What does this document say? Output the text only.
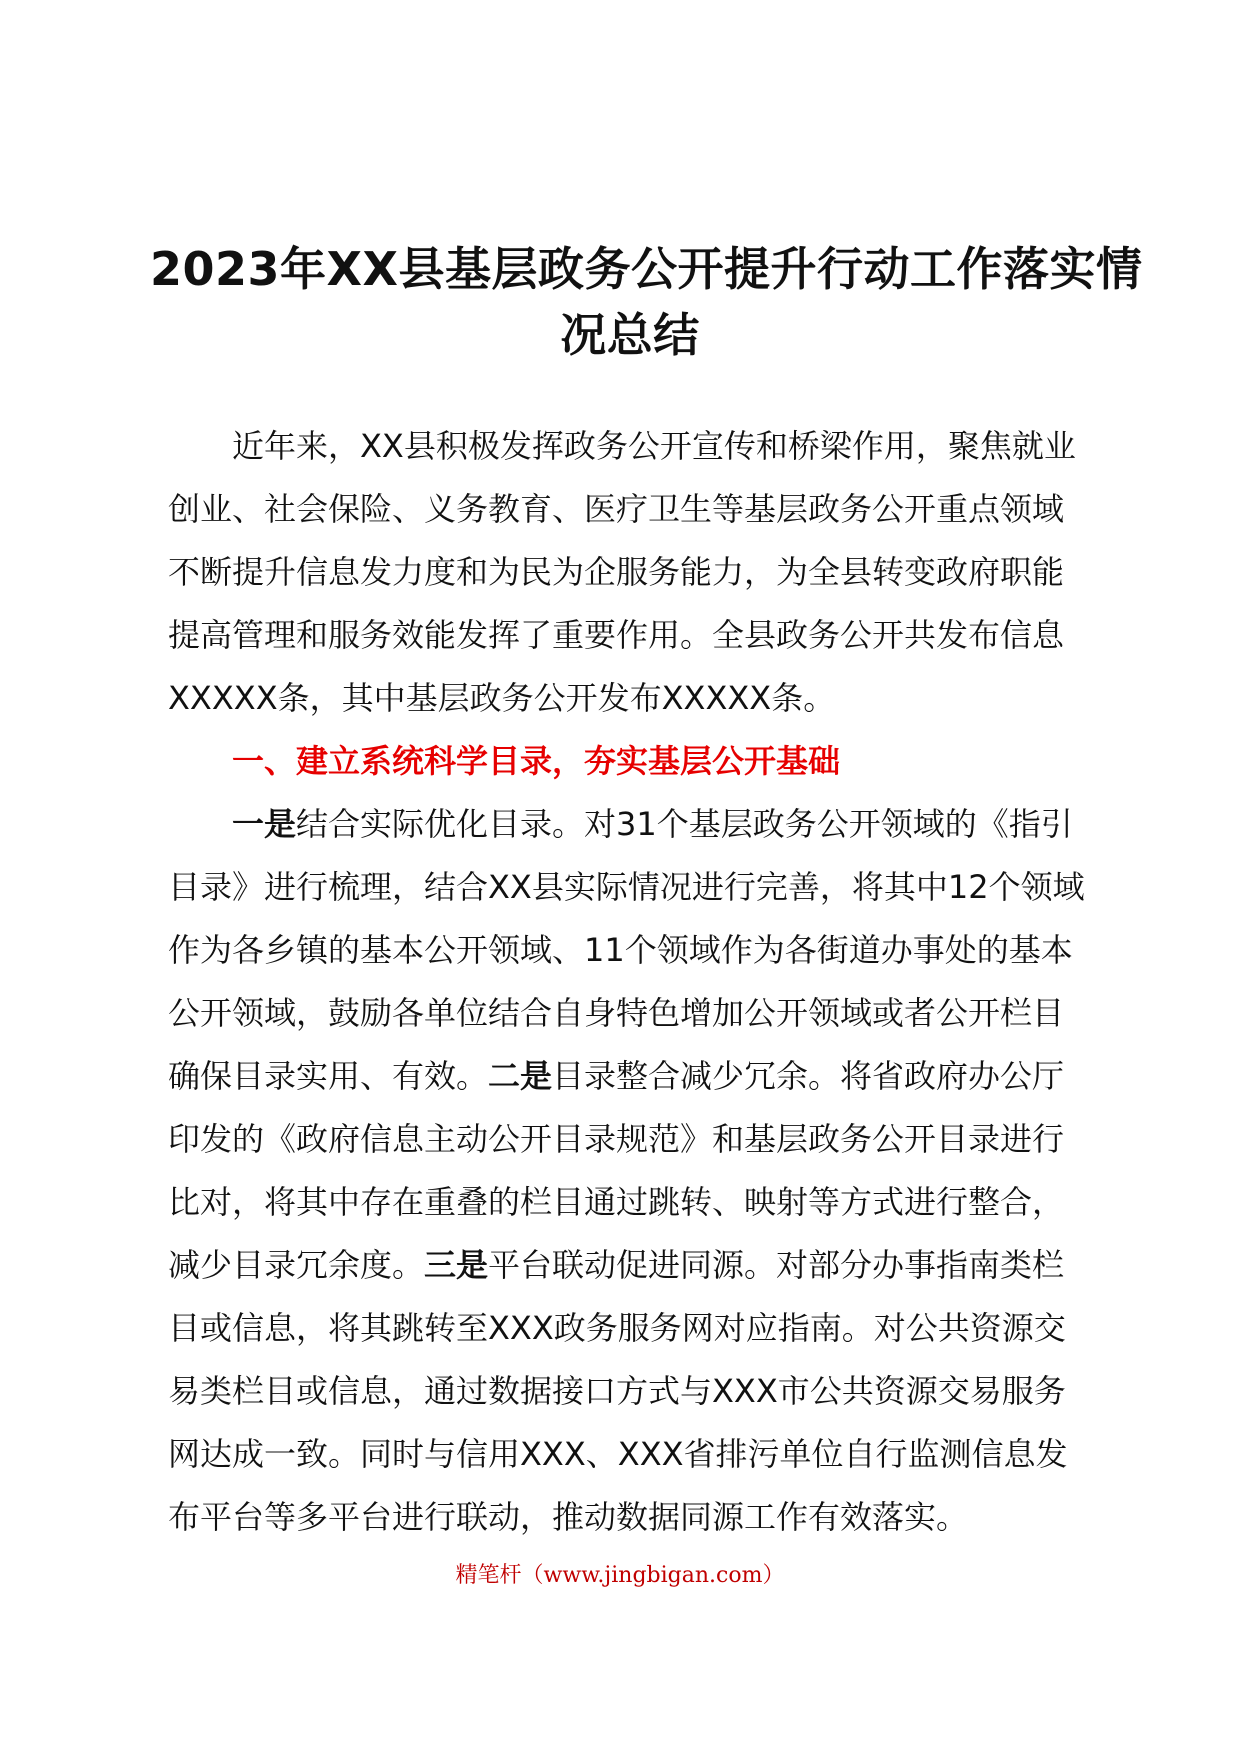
2023年XX县基层政务公开提升行动工作落实情
况总结
近年来，XX县积极发挥政务公开宣传和桥梁作用，聚焦就业
创业、社会保险、义务教育、医疗卫生等基层政务公开重点领域
不断提升信息发力度和为民为企服务能力，为全县转变政府职能
提高管理和服务效能发挥了重要作用。全县政务公开共发布信息
XXXXX条，其中基层政务公开发布XXXXX条。
一、建立系统科学目录，夯实基层公开基础
一是结合实际优化目录。对31个基层政务公开领域的《指引
目录》进行梳理，结合XX县实际情况进行完善，将其中12个领域
作为各乡镇的基本公开领域、11个领域作为各街道办事处的基本
公开领域，鼓励各单位结合自身特色增加公开领域或者公开栏目
确保目录实用、有效。二是目录整合减少冗余。将省政府办公厅
印发的《政府信息主动公开目录规范》和基层政务公开目录进行
比对，将其中存在重叠的栏目通过跳转、映射等方式进行整合，
减少目录冗余度。三是平台联动促进同源。对部分办事指南类栏
目或信息，将其跳转至XXX政务服务网对应指南。对公共资源交
易类栏目或信息，通过数据接口方式与XXX市公共资源交易服务
网达成一致。同时与信用XXX、XXX省排污单位自行监测信息发
布平台等多平台进行联动，推动数据同源工作有效落实。
精笔杆（www.jingbigan.com）
